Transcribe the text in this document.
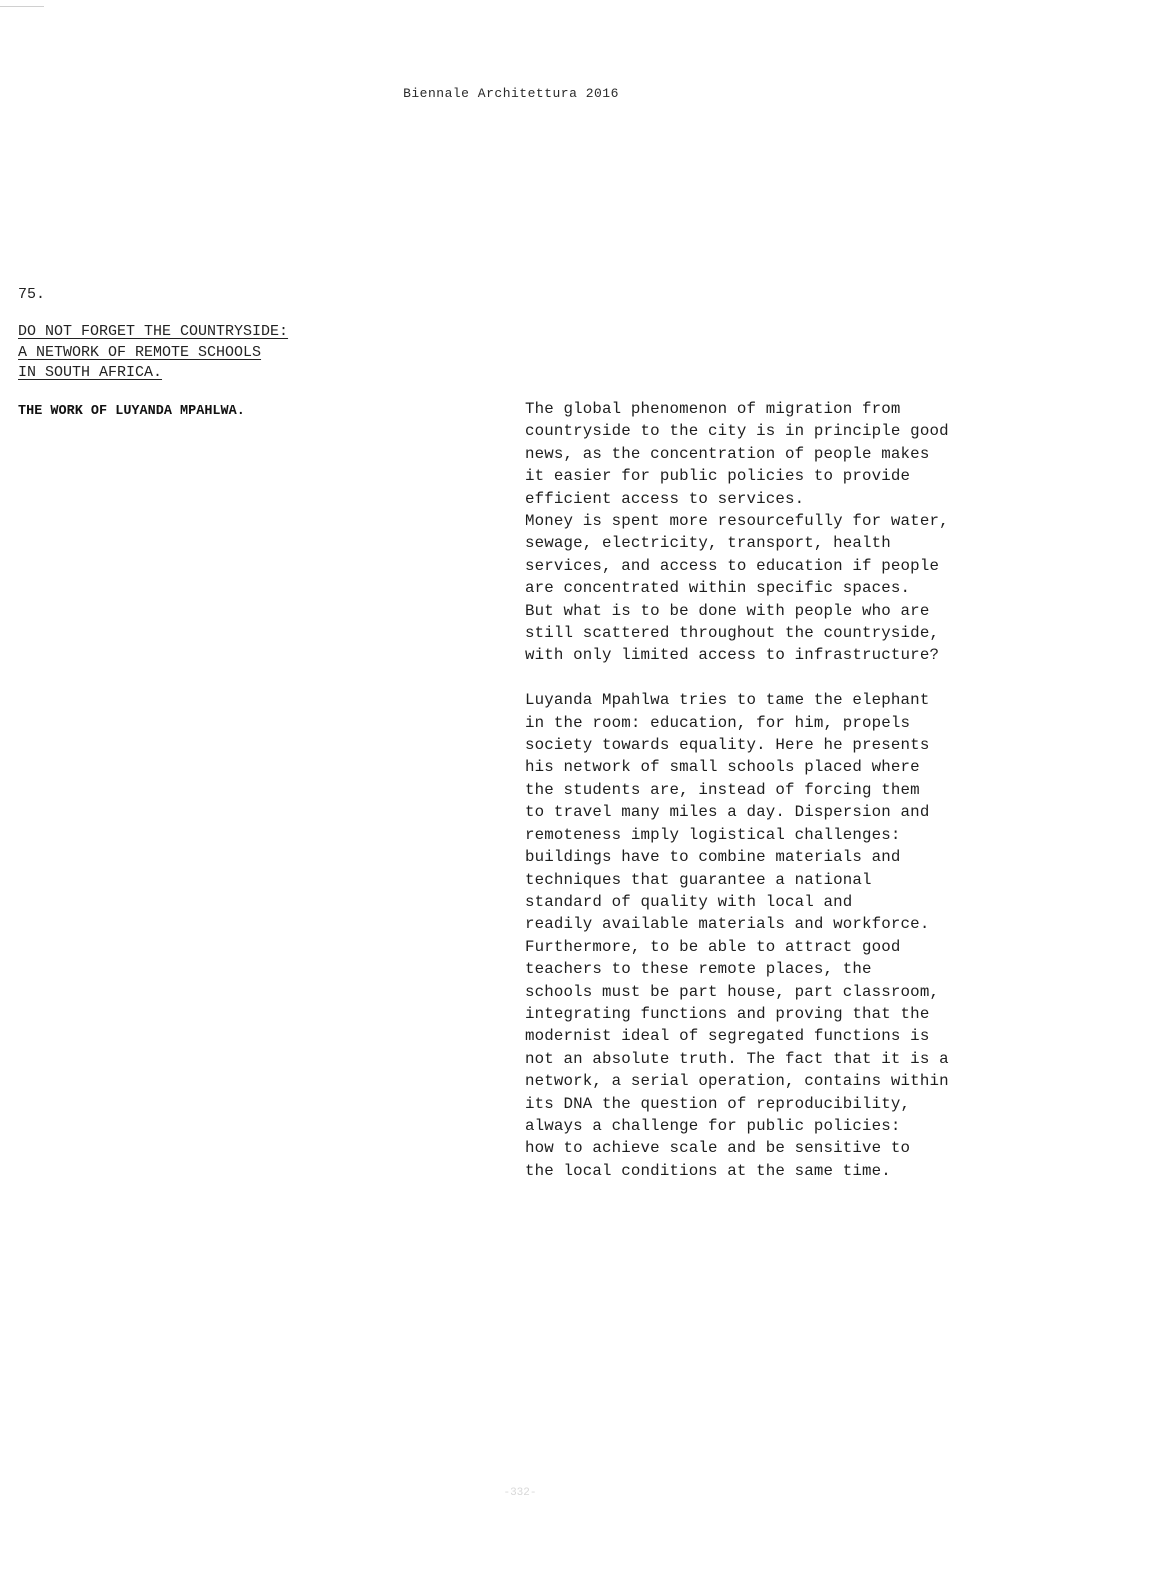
Biennale Architettura 2016
75.
DO NOT FORGET THE COUNTRYSIDE:
A NETWORK OF REMOTE SCHOOLS
IN SOUTH AFRICA.
THE WORK OF LUYANDA MPAHLWA.	The global phenomenon of migration from
countryside to the city is in principle good
news, as the concentration of people makes
it easier for public policies to provide
efficient access to services.
Money is spent more resourcefully for water,
sewage, electricity, transport, health
services, and access to education if people
are concentrated within specific spaces.
But what is to be done with people who are
still scattered throughout the countryside,
with only limited access to infrastructure?
Luyanda Mpahlwa tries to tame the elephant
in the room: education, for him, propels
society towards equality. Here he presents
his network of small schools placed where
the students are, instead of forcing them
to travel many miles a day. Dispersion and
remoteness imply logistical challenges:
buildings have to combine materials and
techniques that guarantee a national
standard of quality with local and
readily available materials and workforce.
Furthermore, to be able to attract good
teachers to these remote places, the
schools must be part house, part classroom,
integrating functions and proving that the
modernist ideal of segregated functions is
not an absolute truth. The fact that it is a
network, a serial operation, contains within
its DNA the question of reproducibility,
always a challenge for public policies:
how to achieve scale and be sensitive to
the local conditions at the same time.
-332-
